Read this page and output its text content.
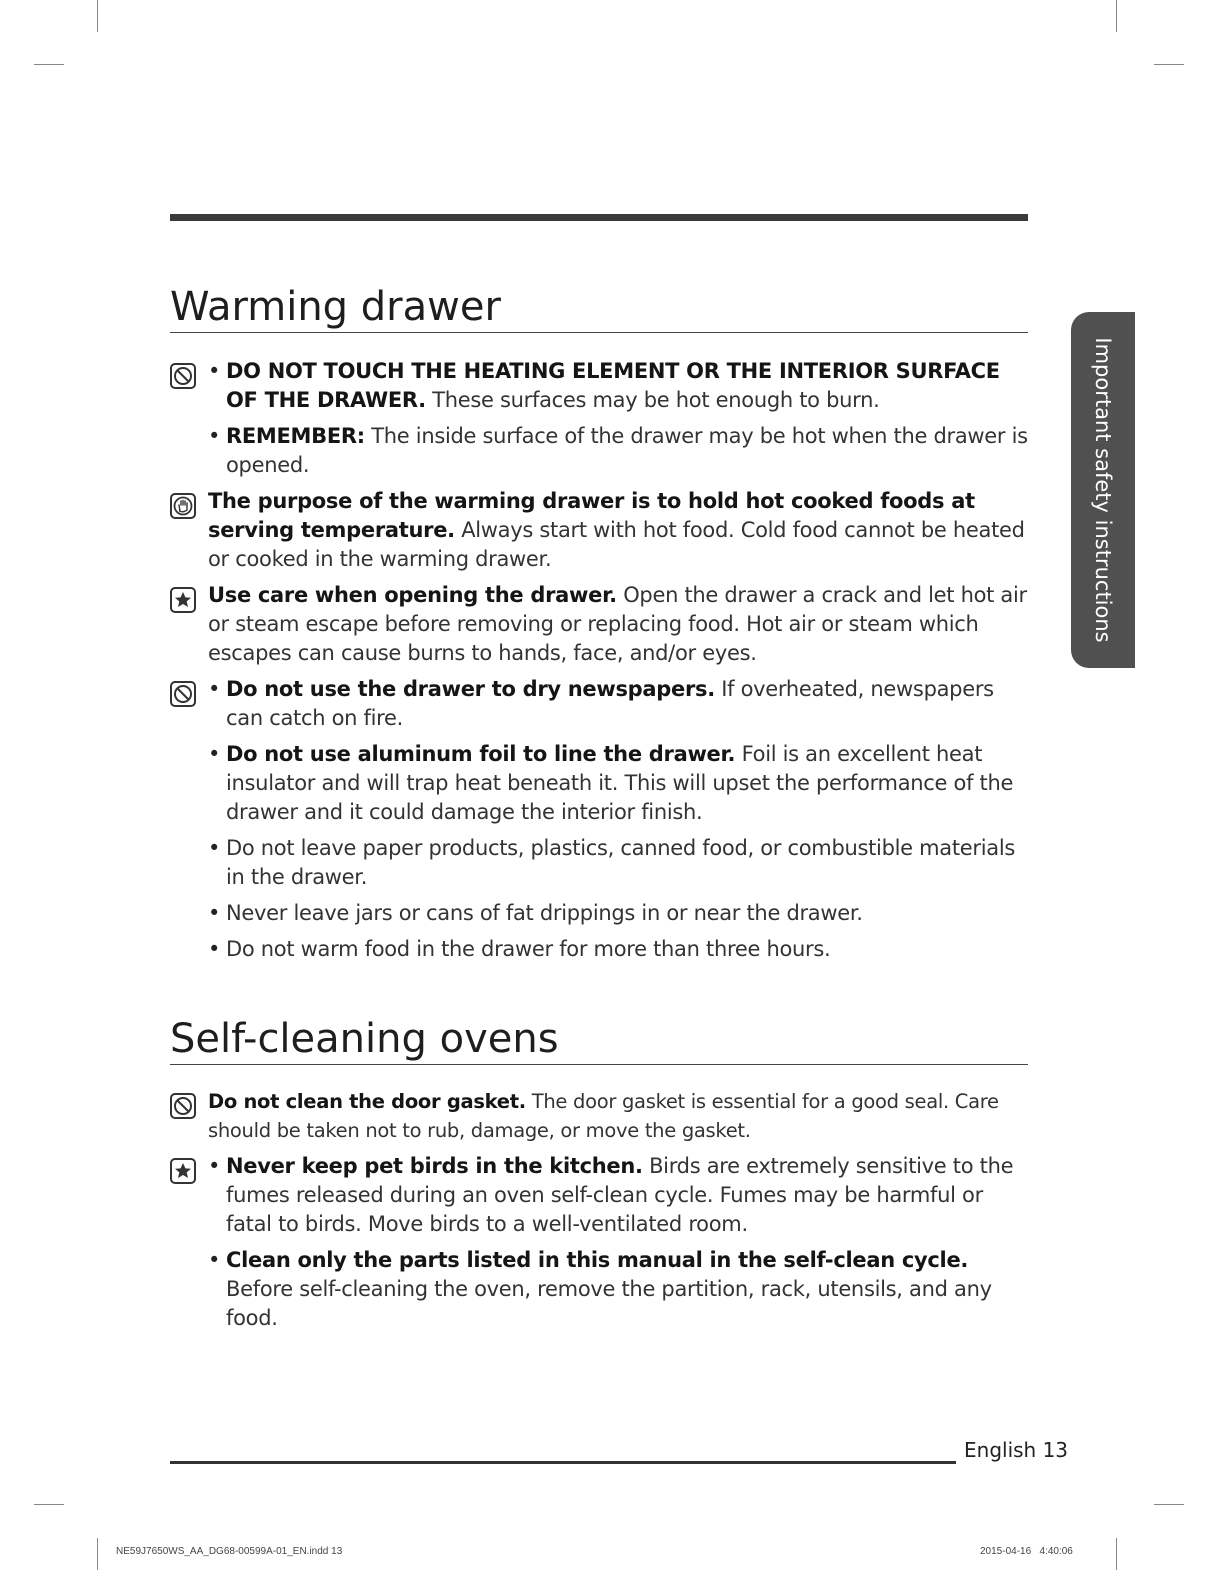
Important safety instructions
Warming drawer

• DO NOT TOUCH THE HEATING ELEMENT OR THE INTERIOR SURFACE OF THE DRAWER. These surfaces may be hot enough to burn.

• REMEMBER: The inside surface of the drawer may be hot when the drawer is opened.

The purpose of the warming drawer is to hold hot cooked foods at serving temperature. Always start with hot food. Cold food cannot be heated or cooked in the warming drawer.

Use care when opening the drawer. Open the drawer a crack and let hot air or steam escape before removing or replacing food. Hot air or steam which escapes can cause burns to hands, face, and/or eyes.

• Do not use the drawer to dry newspapers. If overheated, newspapers can catch on fire.

• Do not use aluminum foil to line the drawer. Foil is an excellent heat insulator and will trap heat beneath it. This will upset the performance of the drawer and it could damage the interior finish.

• Do not leave paper products, plastics, canned food, or combustible materials in the drawer.

• Never leave jars or cans of fat drippings in or near the drawer.

• Do not warm food in the drawer for more than three hours.

Self-cleaning ovens

Do not clean the door gasket. The door gasket is essential for a good seal. Care should be taken not to rub, damage, or move the gasket.

• Never keep pet birds in the kitchen. Birds are extremely sensitive to the fumes released during an oven self-clean cycle. Fumes may be harmful or fatal to birds. Move birds to a well-ventilated room.

• Clean only the parts listed in this manual in the self-clean cycle. Before self-cleaning the oven, remove the partition, rack, utensils, and any food.

English 13
NE59J7650WS_AA_DG68-00599A-01_EN.indd 13	2015-04-16   4:40:06
